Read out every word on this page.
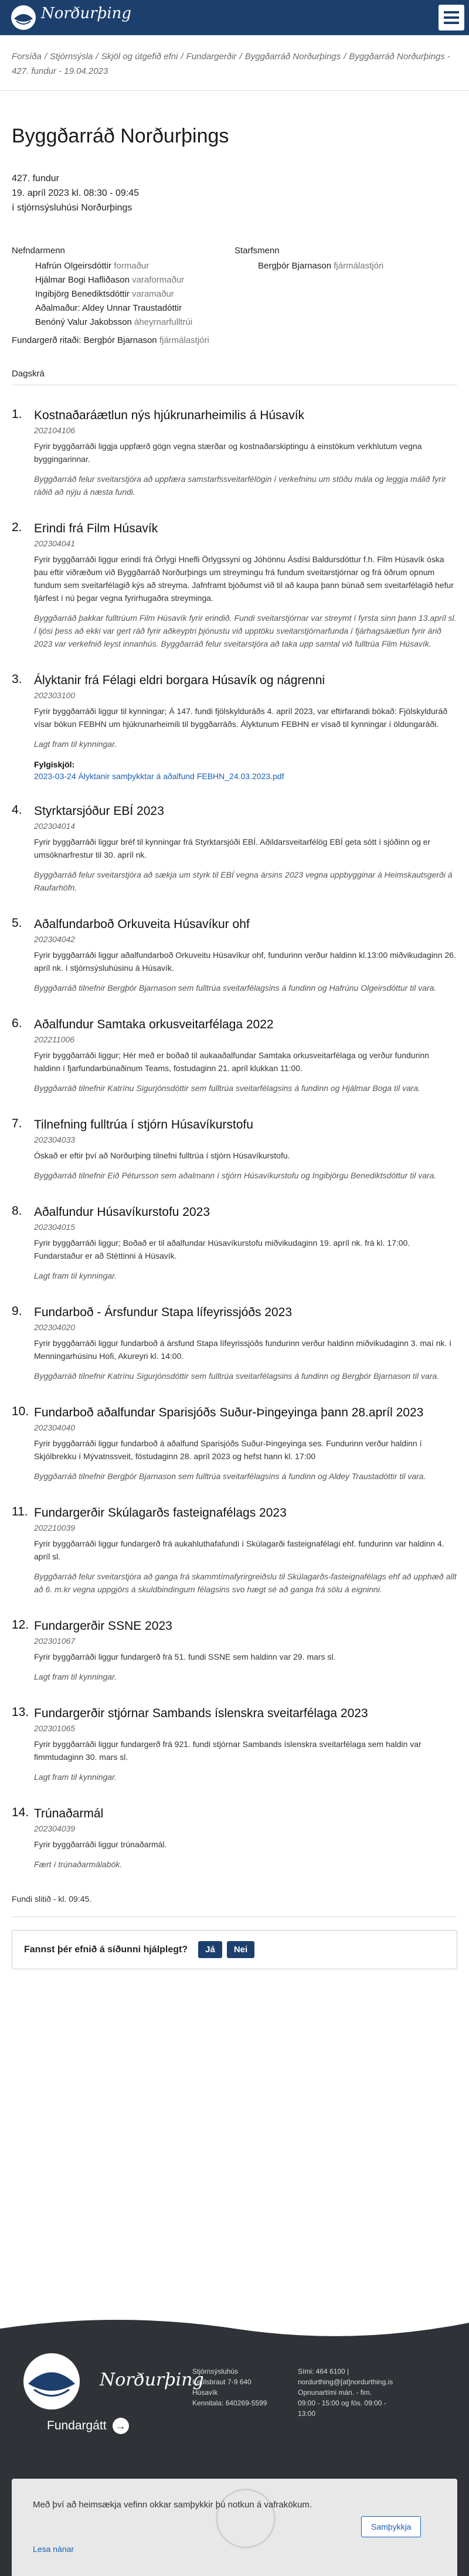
Norðurþing
Forsíða / Stjórnsýsla / Skjöl og útgefið efni / Fundargerðir / Byggðarráð Norðurþings / Byggðarráð Norðurþings - 427. fundur - 19.04.2023
Byggðarráð Norðurþings
427. fundur
19. apríl 2023 kl. 08:30 - 09:45
í stjórnsýsluhúsi Norðurþings
Nefndarmenn
Hafrún Olgeirsdóttir formaður
Hjálmar Bogi Hafliðason varaformaður
Ingibjörg Benediktsdóttir varamaður
Aðalmaður: Aldey Unnar Traustadóttir
Benóný Valur Jakobsson áheyrnarfulltrúi
Starfsmenn
Bergþór Bjarnason fjármálastjóri
Fundargerð ritaði: Bergþór Bjarnason fjármálastjóri
Dagskrá
1. Kostnaðaráætlun nýs hjúkrunarheimilis á Húsavík
202104106
Fyrir byggðarráði liggja uppfærð gögn vegna stærðar og kostnaðarskiptingu á einstökum verkhlutum vegna byggingarinnar.
Byggðarráð felur sveitarstjóra að uppfæra samstarfssveitarfélögin í verkefninu um stöðu mála og leggja málið fyrir ráðið að nýju á næsta fundi.
2. Erindi frá Film Húsavík
202304041
Fyrir byggðarráði liggur erindi frá Örlygi Hnefli Örlygssyni og Jóhönnu Ásdísi Baldursdóttur f.h. Film Húsavík óska þau eftir viðræðum við Byggðarráð Norðurþings um streymingu frá fundum sveitarstjórnar og frá öðrum opnum fundum sem sveitarfélagið kýs að streyma. Jafnframt bjóðumst við til að kaupa þann búnað sem sveitarfélagið hefur fjárfest í nú þegar vegna fyrirhugaðra streyminga.
Byggðarráð þakkar fulltrúum Film Húsavík fyrir erindið. Fundi sveitarstjórnar var streymt í fyrsta sinn þann 13.apríl sl. Í ljósi þess að ekki var gert ráð fyrir aðkeyptri þjónustu við upptöku sveitarstjórnarfunda í fjárhagsáætlun fyrir árið 2023 var verkefnið leyst innanhús. Byggðarráð felur sveitarstjóra að taka upp samtal við fulltrúa Film Húsavík.
3. Ályktanir frá Félagi eldri borgara Húsavík og nágrenni
202303100
Fyrir byggðarráði liggur til kynningar; Á 147. fundi fjölskylduráðs 4. apríl 2023, var eftirfarandi bókað: Fjölskylduráð vísar bókun FEBHN um hjúkrunarheimili til byggðarráðs. Ályktunum FEBHN er vísað til kynningar í öldungaráði.
Lagt fram til kynningar.
Fylgiskjöl:
2023-03-24 Ályktanir samþykktar á aðalfund FEBHN_24.03.2023.pdf
4. Styrktarsjóður EBÍ 2023
202304014
Fyrir byggðarráði liggur bréf til kynningar frá Styrktarsjóði EBÍ. Aðildarsveitarfélög EBÍ geta sótt í sjóðinn og er umsóknarfrestur til 30. apríl nk.
Byggðarráð felur sveitarstjóra að sækja um styrk til EBÍ vegna ársins 2023 vegna uppbygginar á Heimskautsgerði á Raufarhöfn.
5. Aðalfundarboð Orkuveita Húsavíkur ohf
202304042
Fyrir byggðarráði liggur aðalfundarboð Orkuveitu Húsavíkur ohf, fundurinn verður haldinn kl.13:00 miðvikudaginn 26. apríl nk. í stjórnsýsluhúsinu á Húsavík.
Byggðarráð tilnefnir Bergþór Bjarnason sem fulltrúa sveitarfélagsins á fundinn og Hafrúnu Olgeirsdóttur til vara.
6. Aðalfundur Samtaka orkusveitarfélaga 2022
202211006
Fyrir byggðarráði liggur; Hér með er boðað til aukaaðalfundar Samtaka orkusveitarfélaga og verður fundurinn haldinn í fjarfundarbúnaðinum Teams, fostudaginn 21. apríl klukkan 11:00.
Byggðarráð tilnefnir Katrínu Sigurjónsdóttir sem fulltrúa sveitarfélagsins á fundinn og Hjálmar Boga til vara.
7. Tilnefning fulltrúa í stjórn Húsavíkurstofu
202304033
Óskað er eftir því að Norðurþing tilnefni fulltrúa í stjórn Húsavíkurstofu.
Byggðarráð tilnefnir Eið Pétursson sem aðalmann í stjórn Húsavíkurstofu og Ingibjörgu Benediktsdóttur til vara.
8. Aðalfundur Húsavíkurstofu 2023
202304015
Fyrir byggðarráði liggur; Boðað er til aðalfundar Húsavíkurstofu miðvikudaginn 19. apríl nk. frá kl. 17:00. Fundarstaður er að Stéttinni á Húsavík.
Lagt fram til kynningar.
9. Fundarboð - Ársfundur Stapa lífeyrissjóðs 2023
202304020
Fyrir byggðarráði liggur fundarboð á ársfund Stapa lífeyrissjóðs fundurinn verður haldinn miðvikudaginn 3. maí nk. í Menningarhúsinu Hofi, Akureyri kl. 14:00.
Byggðarráð tilnefnir Katrínu Sigurjónsdóttir sem fulltrúa sveitarfélagsins á fundinn og Bergþór Bjarnason til vara.
10. Fundarboð aðalfundar Sparisjóðs Suður-Þingeyinga þann 28.apríl 2023
202304040
Fyrir byggðarráði liggur fundarboð á aðalfund Sparisjóðs Suður-Þingeyinga ses. Fundurinn verður haldinn í Skjólbrekku í Mývatnssveit, föstudaginn 28. apríl 2023 og hefst hann kl. 17:00
Byggðarráð tilnefnir Bergþór Bjarnason sem fulltrúa sveitarfélagsins á fundinn og Aldey Traustadóttir til vara.
11. Fundargerðir Skúlagarðs fasteignafélags 2023
202210039
Fyrir byggðarráði liggur fundargerð frá aukahluthafafundi í Skúlagarði fasteignafélagi ehf. fundurinn var haldinn 4. apríl sl.
Byggðarráð felur sveitarstjóra að ganga frá skammtímafyrirgreiðslu til Skúlagarðs-fasteignafélags ehf að upphæð allt að 6. m.kr vegna uppgjörs á skuldbindingum félagsins svo hægt sé að ganga frá sölu á eigninni.
12. Fundargerðir SSNE 2023
202301067
Fyrir byggðarráði liggur fundargerð frá 51. fundi SSNE sem haldinn var 29. mars sl.
Lagt fram til kynningar.
13. Fundargerðir stjórnar Sambands íslenskra sveitarfélaga 2023
202301065
Fyrir byggðarráði liggur fundargerð frá 921. fundi stjórnar Sambands íslenskra sveitarfélaga sem haldin var fimmtudaginn 30. mars sl.
Lagt fram til kynningar.
14. Trúnaðarmál
202304039
Fyrir byggðarráði liggur trúnaðarmál.
Fært í trúnaðarmálabók.
Fundi slitið - kl. 09:45.
Fannst þér efnið á síðunni hjálplegt?	Já	Nei
Norðurþing
Fundargátt →
Stjórnsýsluhús
Ketilsbraut 7-9 640
Húsavík
Kennitala: 640269-5599
Sími: 464 6100 |
nordurthing@[at]nordurthing.is
Opnunartími mán. - fim.
09:00 - 15:00 og fös. 09:00 -
13:00
Með því að heimsækja vefinn okkar samþykkir þú notkun á vafrakökum.
Samþykkja
Lesa nánar
